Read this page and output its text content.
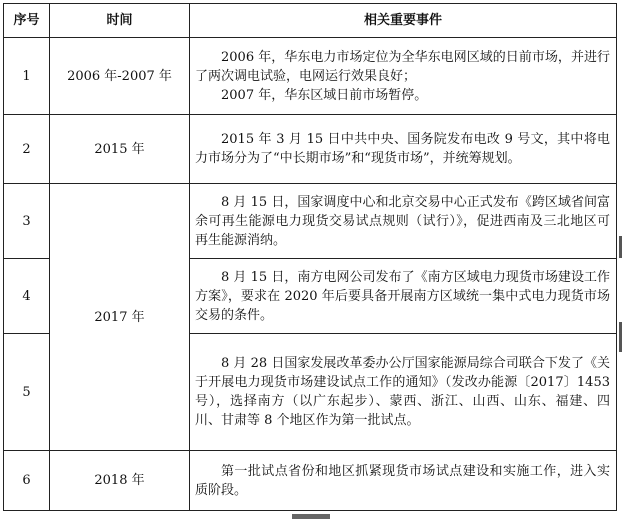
序号	时间	相关重要事件
1	2006 年-2007 年	2006 年，华东电力市场定位为全华东电网区域的日前市场，并进行了两次调电试验，电网运行效果良好；
2007 年，华东区域日前市场暂停。

2	2015 年	2015 年 3 月 15 日中共中央、国务院发布电改 9 号文，其中将电力市场分为了“中长期市场”和“现货市场”，并统筹规划。

3	2017 年	8 月 15 日，国家调度中心和北京交易中心正式发布《跨区域省间富余可再生能源电力现货交易试点规则（试行）》，促进西南及三北地区可再生能源消纳。

4		8 月 15 日，南方电网公司发布了《南方区域电力现货市场建设工作方案》，要求在 2020 年后要具备开展南方区域统一集中式电力现货市场交易的条件。

5		8 月 28 日国家发展改革委办公厅国家能源局综合司联合下发了《关于开展电力现货市场建设试点工作的通知》（发改办能源〔2017〕1453 号），选择南方（以广东起步）、蒙西、浙江、山西、山东、福建、四川、甘肃等 8 个地区作为第一批试点。

6	2018 年	第一批试点省份和地区抓紧现货市场试点建设和实施工作，进入实质阶段。
